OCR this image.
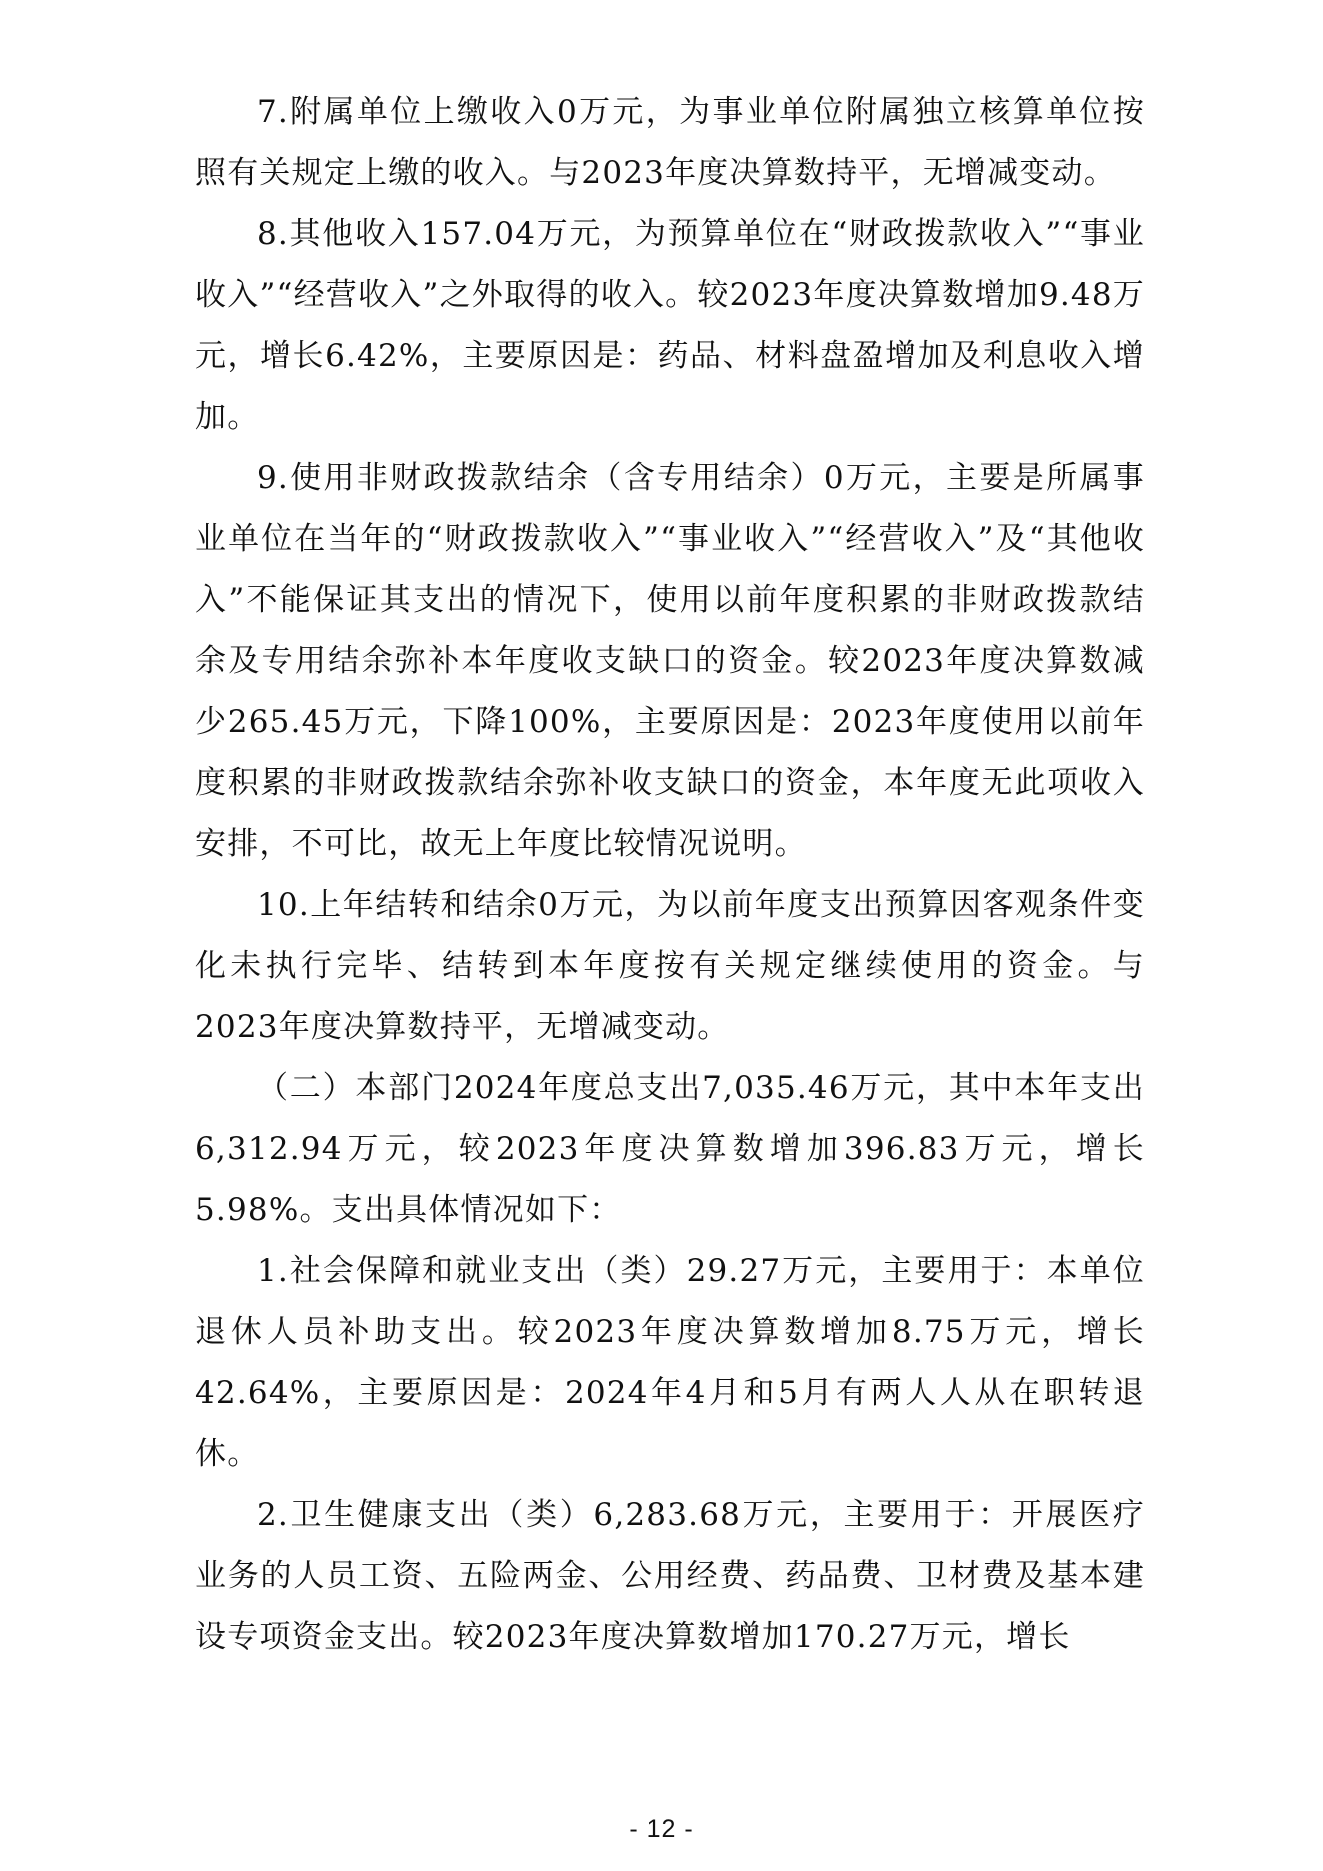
7.附属单位上缴收入0万元，为事业单位附属独立核算单位按照有关规定上缴的收入。与2023年度决算数持平，无增减变动。

8.其他收入157.04万元，为预算单位在“财政拨款收入”“事业收入”“经营收入”之外取得的收入。较2023年度决算数增加9.48万元，增长6.42%，主要原因是：药品、材料盘盈增加及利息收入增加。

9.使用非财政拨款结余（含专用结余）0万元，主要是所属事业单位在当年的“财政拨款收入”“事业收入”“经营收入”及“其他收入”不能保证其支出的情况下，使用以前年度积累的非财政拨款结余及专用结余弥补本年度收支缺口的资金。较2023年度决算数减少265.45万元，下降100%，主要原因是：2023年度使用以前年度积累的非财政拨款结余弥补收支缺口的资金，本年度无此项收入安排，不可比，故无上年度比较情况说明。

10.上年结转和结余0万元，为以前年度支出预算因客观条件变化未执行完毕、结转到本年度按有关规定继续使用的资金。与2023年度决算数持平，无增减变动。

（二）本部门2024年度总支出7,035.46万元，其中本年支出6,312.94万元，较2023年度决算数增加396.83万元，增长5.98%。支出具体情况如下：

1.社会保障和就业支出（类）29.27万元，主要用于：本单位退休人员补助支出。较2023年度决算数增加8.75万元，增长42.64%，主要原因是：2024年4月和5月有两人人从在职转退休。

2.卫生健康支出（类）6,283.68万元，主要用于：开展医疗业务的人员工资、五险两金、公用经费、药品费、卫材费及基本建设专项资金支出。较2023年度决算数增加170.27万元，增长

- 12 -
